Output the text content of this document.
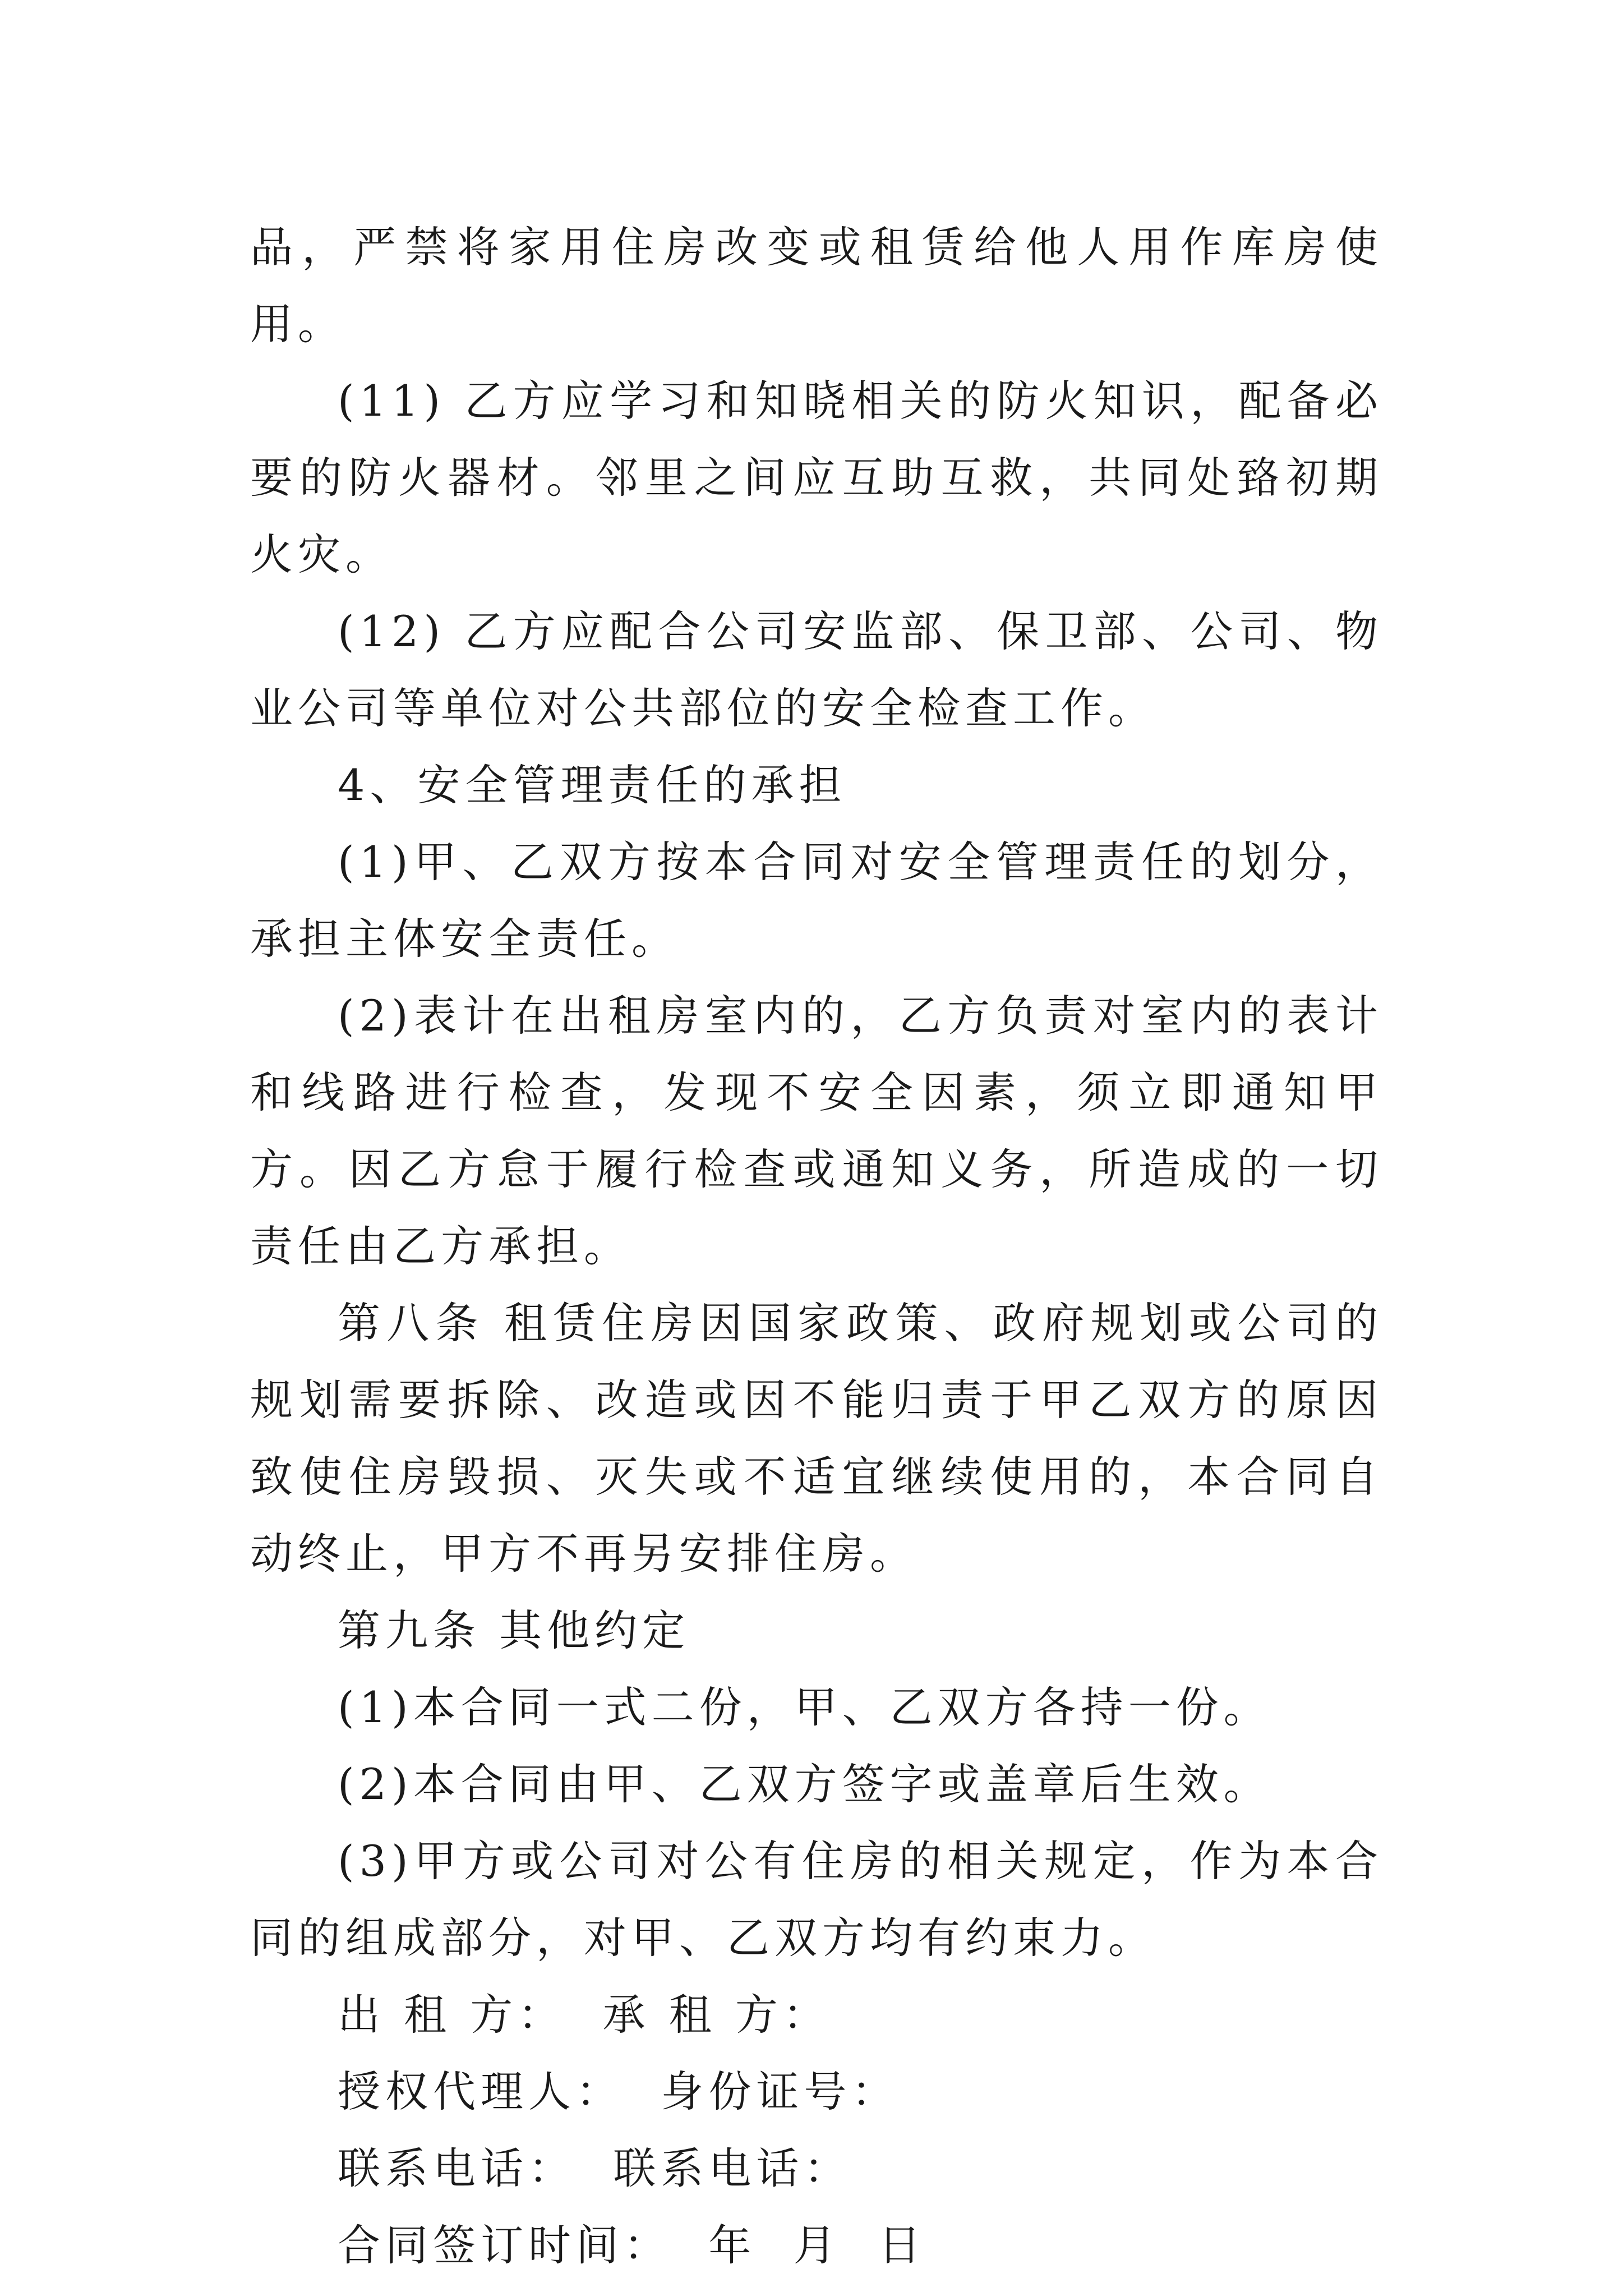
品，严禁将家用住房改变或租赁给他人用作库房使用。

(11) 乙方应学习和知晓相关的防火知识，配备必要的防火器材。邻里之间应互助互救，共同处臵初期火灾。

(12) 乙方应配合公司安监部、保卫部、公司、物业公司等单位对公共部位的安全检查工作。

4、安全管理责任的承担

(1)甲、乙双方按本合同对安全管理责任的划分，承担主体安全责任。

(2)表计在出租房室内的，乙方负责对室内的表计和线路进行检查，发现不安全因素，须立即通知甲方。因乙方怠于履行检查或通知义务，所造成的一切责任由乙方承担。

第八条 租赁住房因国家政策、政府规划或公司的规划需要拆除、改造或因不能归责于甲乙双方的原因致使住房毁损、灭失或不适宜继续使用的，本合同自动终止，甲方不再另安排住房。

第九条 其他约定

(1)本合同一式二份，甲、乙双方各持一份。

(2)本合同由甲、乙双方签字或盖章后生效。

(3)甲方或公司对公有住房的相关规定，作为本合同的组成部分，对甲、乙双方均有约束力。

出 租 方：  承 租 方：

授权代理人：  身份证号：

联系电话：  联系电话：

合同签订时间：  年  月  日
